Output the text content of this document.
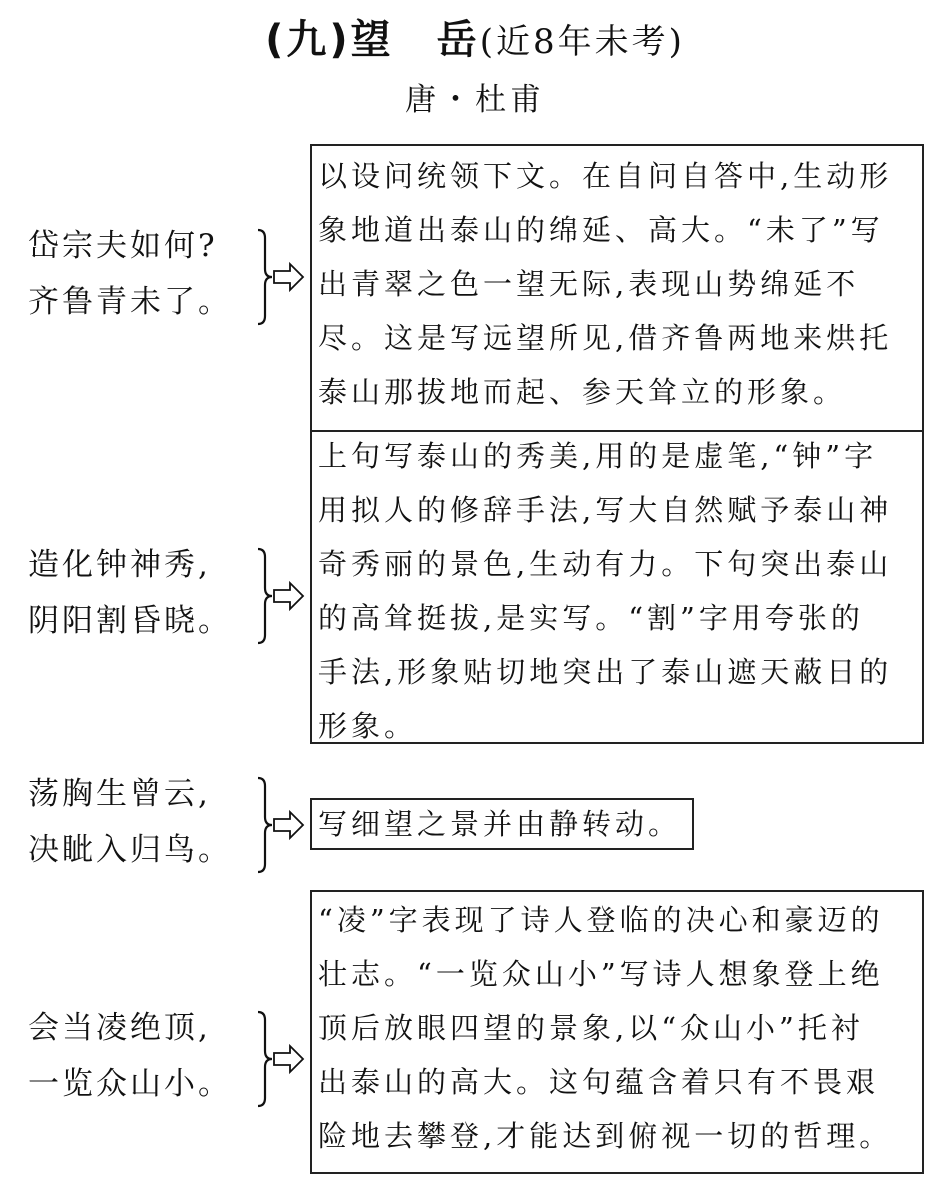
(九)望　岳(近8年未考)
唐・杜甫
岱宗夫如何?
齐鲁青未了。
以设问统领下文。在自问自答中,生动形
象地道出泰山的绵延、高大。“未了”写
出青翠之色一望无际,表现山势绵延不
尽。这是写远望所见,借齐鲁两地来烘托
泰山那拔地而起、参天耸立的形象。
造化钟神秀,
阴阳割昏晓。
上句写泰山的秀美,用的是虚笔,“钟”字
用拟人的修辞手法,写大自然赋予泰山神
奇秀丽的景色,生动有力。下句突出泰山
的高耸挺拔,是实写。“割”字用夸张的
手法,形象贴切地突出了泰山遮天蔽日的
形象。
荡胸生曾云,
决眦入归鸟。
写细望之景并由静转动。
会当凌绝顶,
一览众山小。
“凌”字表现了诗人登临的决心和豪迈的
壮志。“一览众山小”写诗人想象登上绝
顶后放眼四望的景象,以“众山小”托衬
出泰山的高大。这句蕴含着只有不畏艰
险地去攀登,才能达到俯视一切的哲理。
